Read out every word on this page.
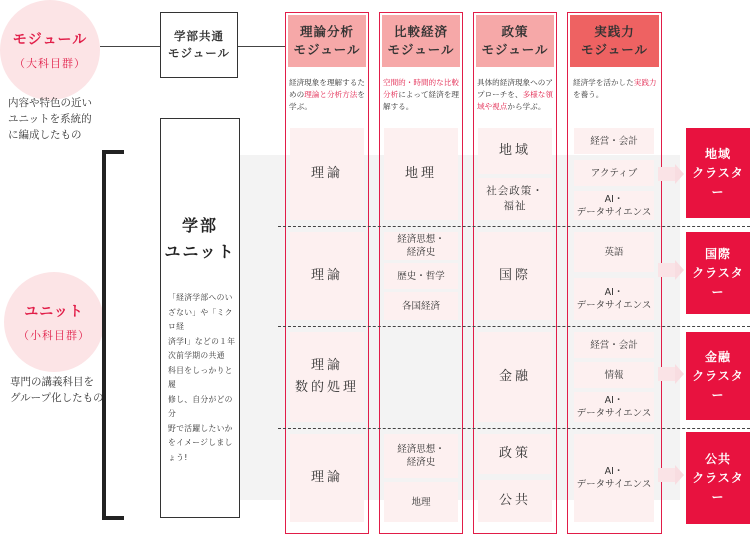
モジュール
（大科目群）
内容や特色の近い
ユニットを系統的
に編成したもの
学部共通
モジュール
ユニット
（小科目群）
専門の講義科目を
グループ化したもの
学部
ユニット
「経済学部へのい
ざない」や「ミクロ経
済学Ⅰ」などの１年
次前学期の共通
科目をしっかりと履
修し、自分がどの分
野で活躍したいか
をイメージしましょう!
理論分析
モジュール
比較経済
モジュール
政策
モジュール
実践力
モジュール
経済現象を理解するための理論と分析方法を学ぶ。
空間的・時間的な比較分析によって経済を理解する。
具体的経済現象へのアプローチを、多様な領域や視点から学ぶ。
経済学を活かした実践力を養う。
理論	地理
地域
社会政策・
福祉
経営・会計
アクティブ
AI・
データサイエンス
地域
クラスター
理論
経済思想・
経済史
歴史・哲学
各国経済
国際
英語
AI・
データサイエンス
国際
クラスター
理論
数的処理
金融
経営・会計
情報
AI・
データサイエンス
金融
クラスター
理論
経済思想・
経済史
地理
政策
公共
AI・
データサイエンス
公共
クラスター
